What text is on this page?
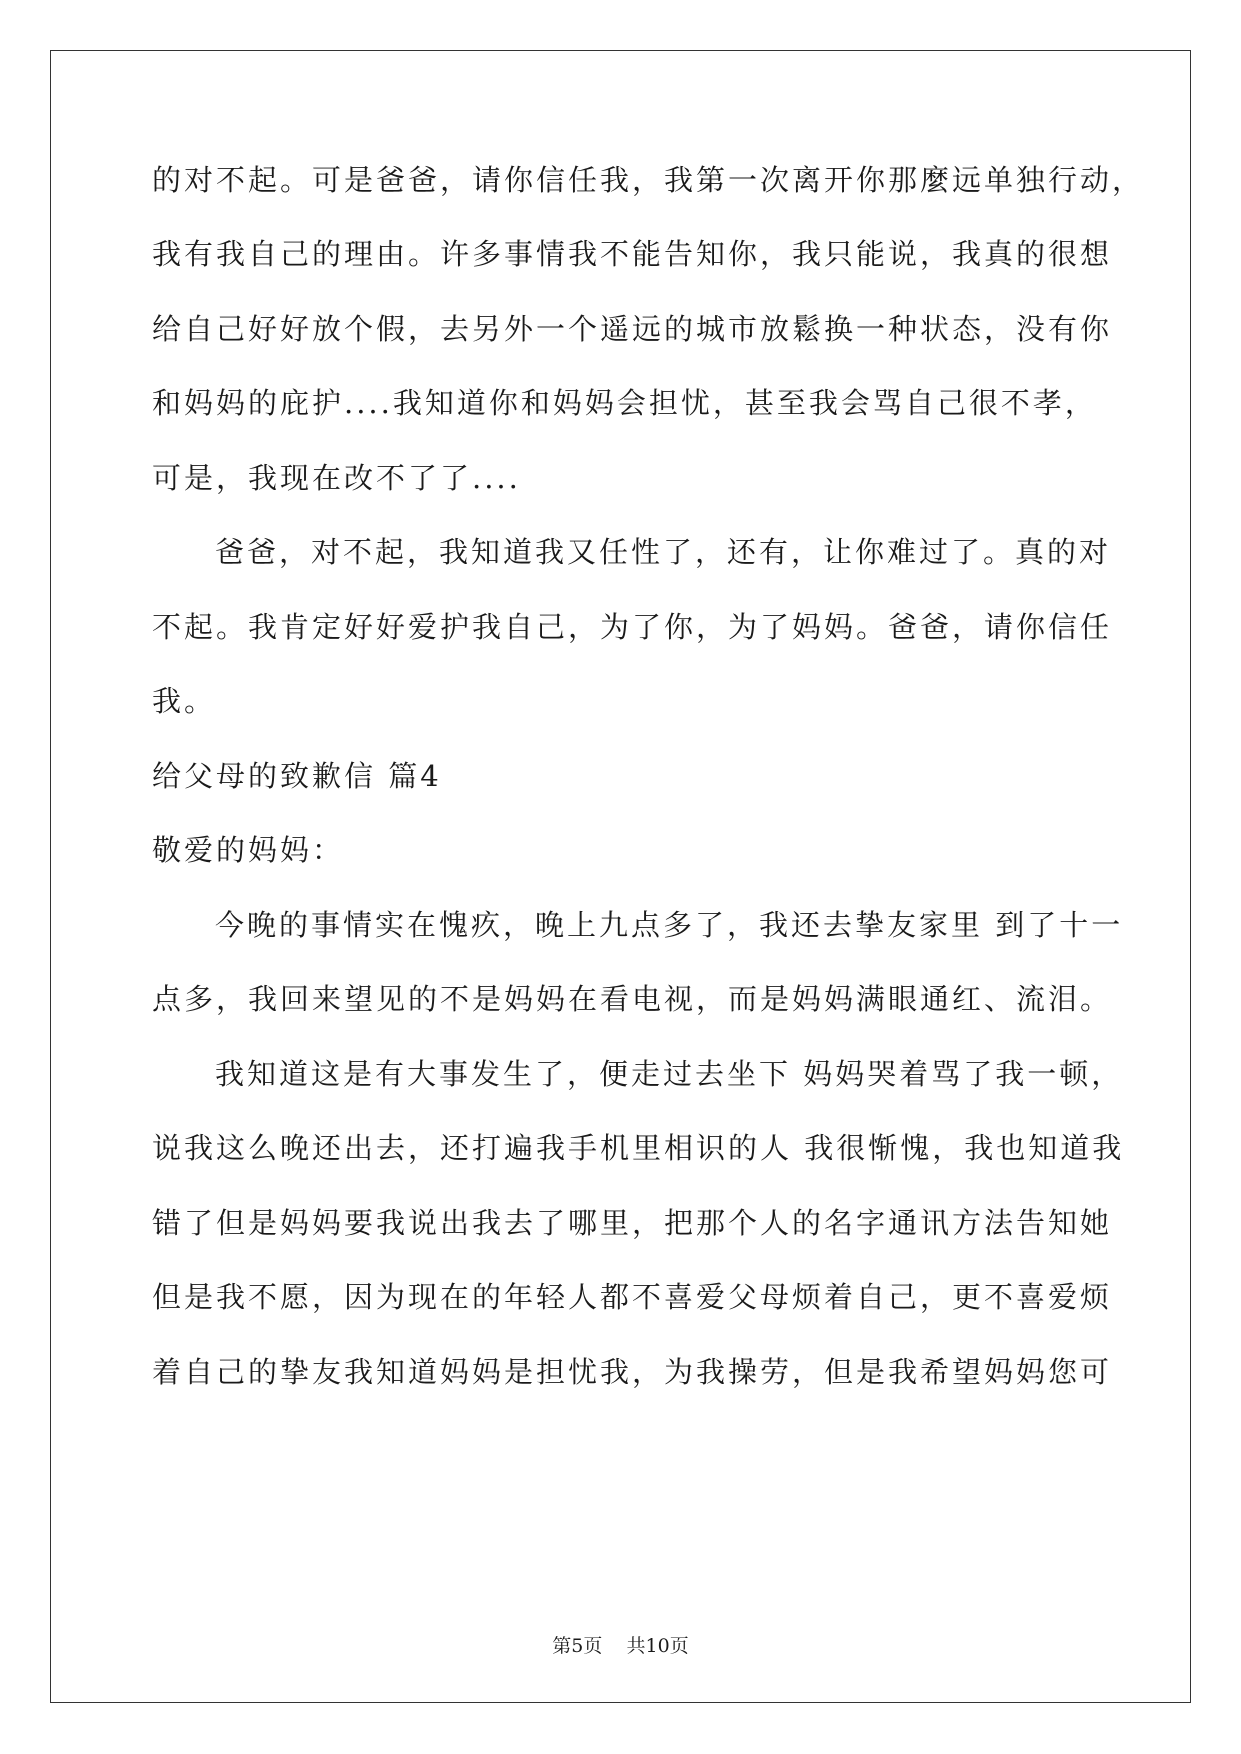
的对不起。可是爸爸，请你信任我，我第一次离开你那麼远单独行动，
我有我自己的理由。许多事情我不能告知你，我只能说，我真的很想
给自己好好放个假，去另外一个遥远的城市放鬆换一种状态，没有你
和妈妈的庇护....我知道你和妈妈会担忧，甚至我会骂自己很不孝，
可是，我现在改不了了....
爸爸，对不起，我知道我又任性了，还有，让你难过了。真的对
不起。我肯定好好爱护我自己，为了你，为了妈妈。爸爸，请你信任
我。
给父母的致歉信 篇4
敬爱的妈妈：
今晚的事情实在愧疚，晚上九点多了，我还去挚友家里 到了十一
点多，我回来望见的不是妈妈在看电视，而是妈妈满眼通红、流泪。
我知道这是有大事发生了，便走过去坐下 妈妈哭着骂了我一顿，
说我这么晚还出去，还打遍我手机里相识的人 我很惭愧，我也知道我
错了但是妈妈要我说出我去了哪里，把那个人的名字通讯方法告知她
但是我不愿，因为现在的年轻人都不喜爱父母烦着自己，更不喜爱烦
着自己的挚友我知道妈妈是担忧我，为我操劳，但是我希望妈妈您可
第5页    共10页
